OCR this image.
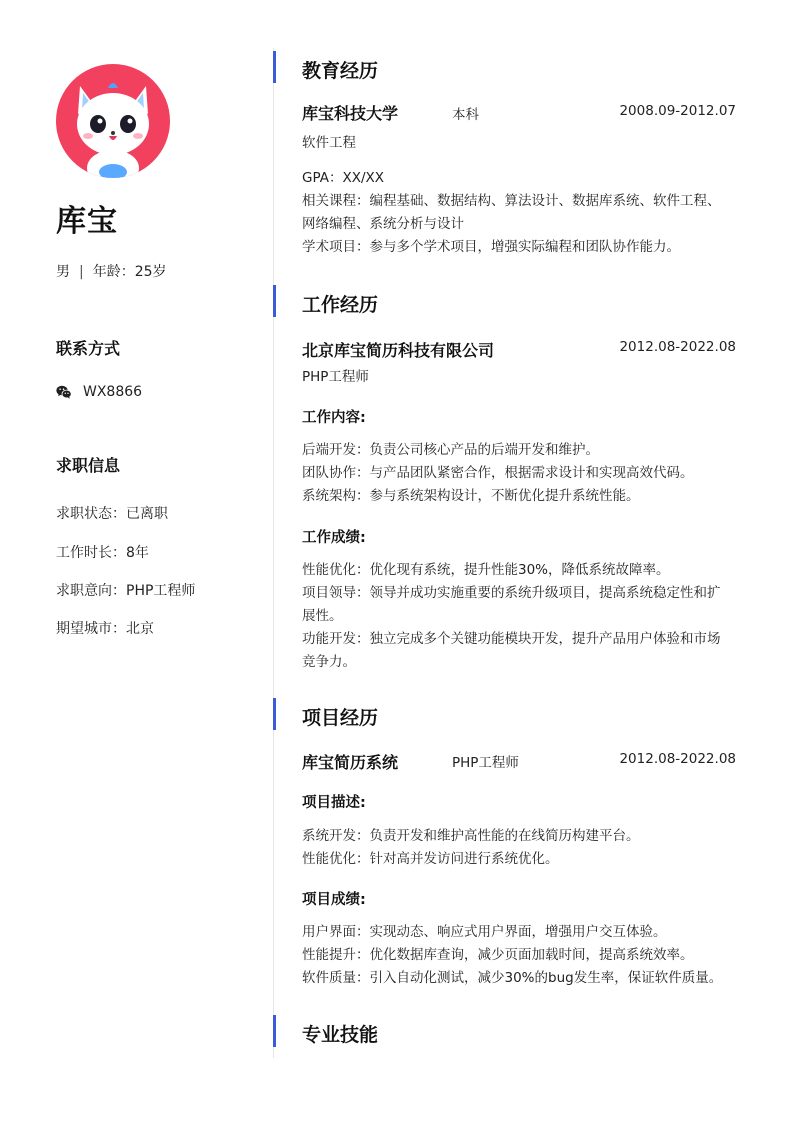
库宝
男 | 年龄：25岁
联系方式
WX8866
求职信息
求职状态：已离职
工作时长：8年
求职意向：PHP工程师
期望城市：北京
教育经历
库宝科技大学	本科	2008.09-2012.07
软件工程
GPA：XX/XX
相关课程：编程基础、数据结构、算法设计、数据库系统、软件工程、
网络编程、系统分析与设计
学术项目：参与多个学术项目，增强实际编程和团队协作能力。
工作经历
北京库宝简历科技有限公司	2012.08-2022.08
PHP工程师
工作内容:
后端开发：负责公司核心产品的后端开发和维护。
团队协作：与产品团队紧密合作，根据需求设计和实现高效代码。
系统架构：参与系统架构设计，不断优化提升系统性能。
工作成绩:
性能优化：优化现有系统，提升性能30%，降低系统故障率。
项目领导：领导并成功实施重要的系统升级项目，提高系统稳定性和扩
展性。
功能开发：独立完成多个关键功能模块开发，提升产品用户体验和市场
竞争力。
项目经历
库宝简历系统	PHP工程师	2012.08-2022.08
项目描述:
系统开发：负责开发和维护高性能的在线简历构建平台。
性能优化：针对高并发访问进行系统优化。
项目成绩:
用户界面：实现动态、响应式用户界面，增强用户交互体验。
性能提升：优化数据库查询，减少页面加载时间，提高系统效率。
软件质量：引入自动化测试，减少30%的bug发生率，保证软件质量。
专业技能
